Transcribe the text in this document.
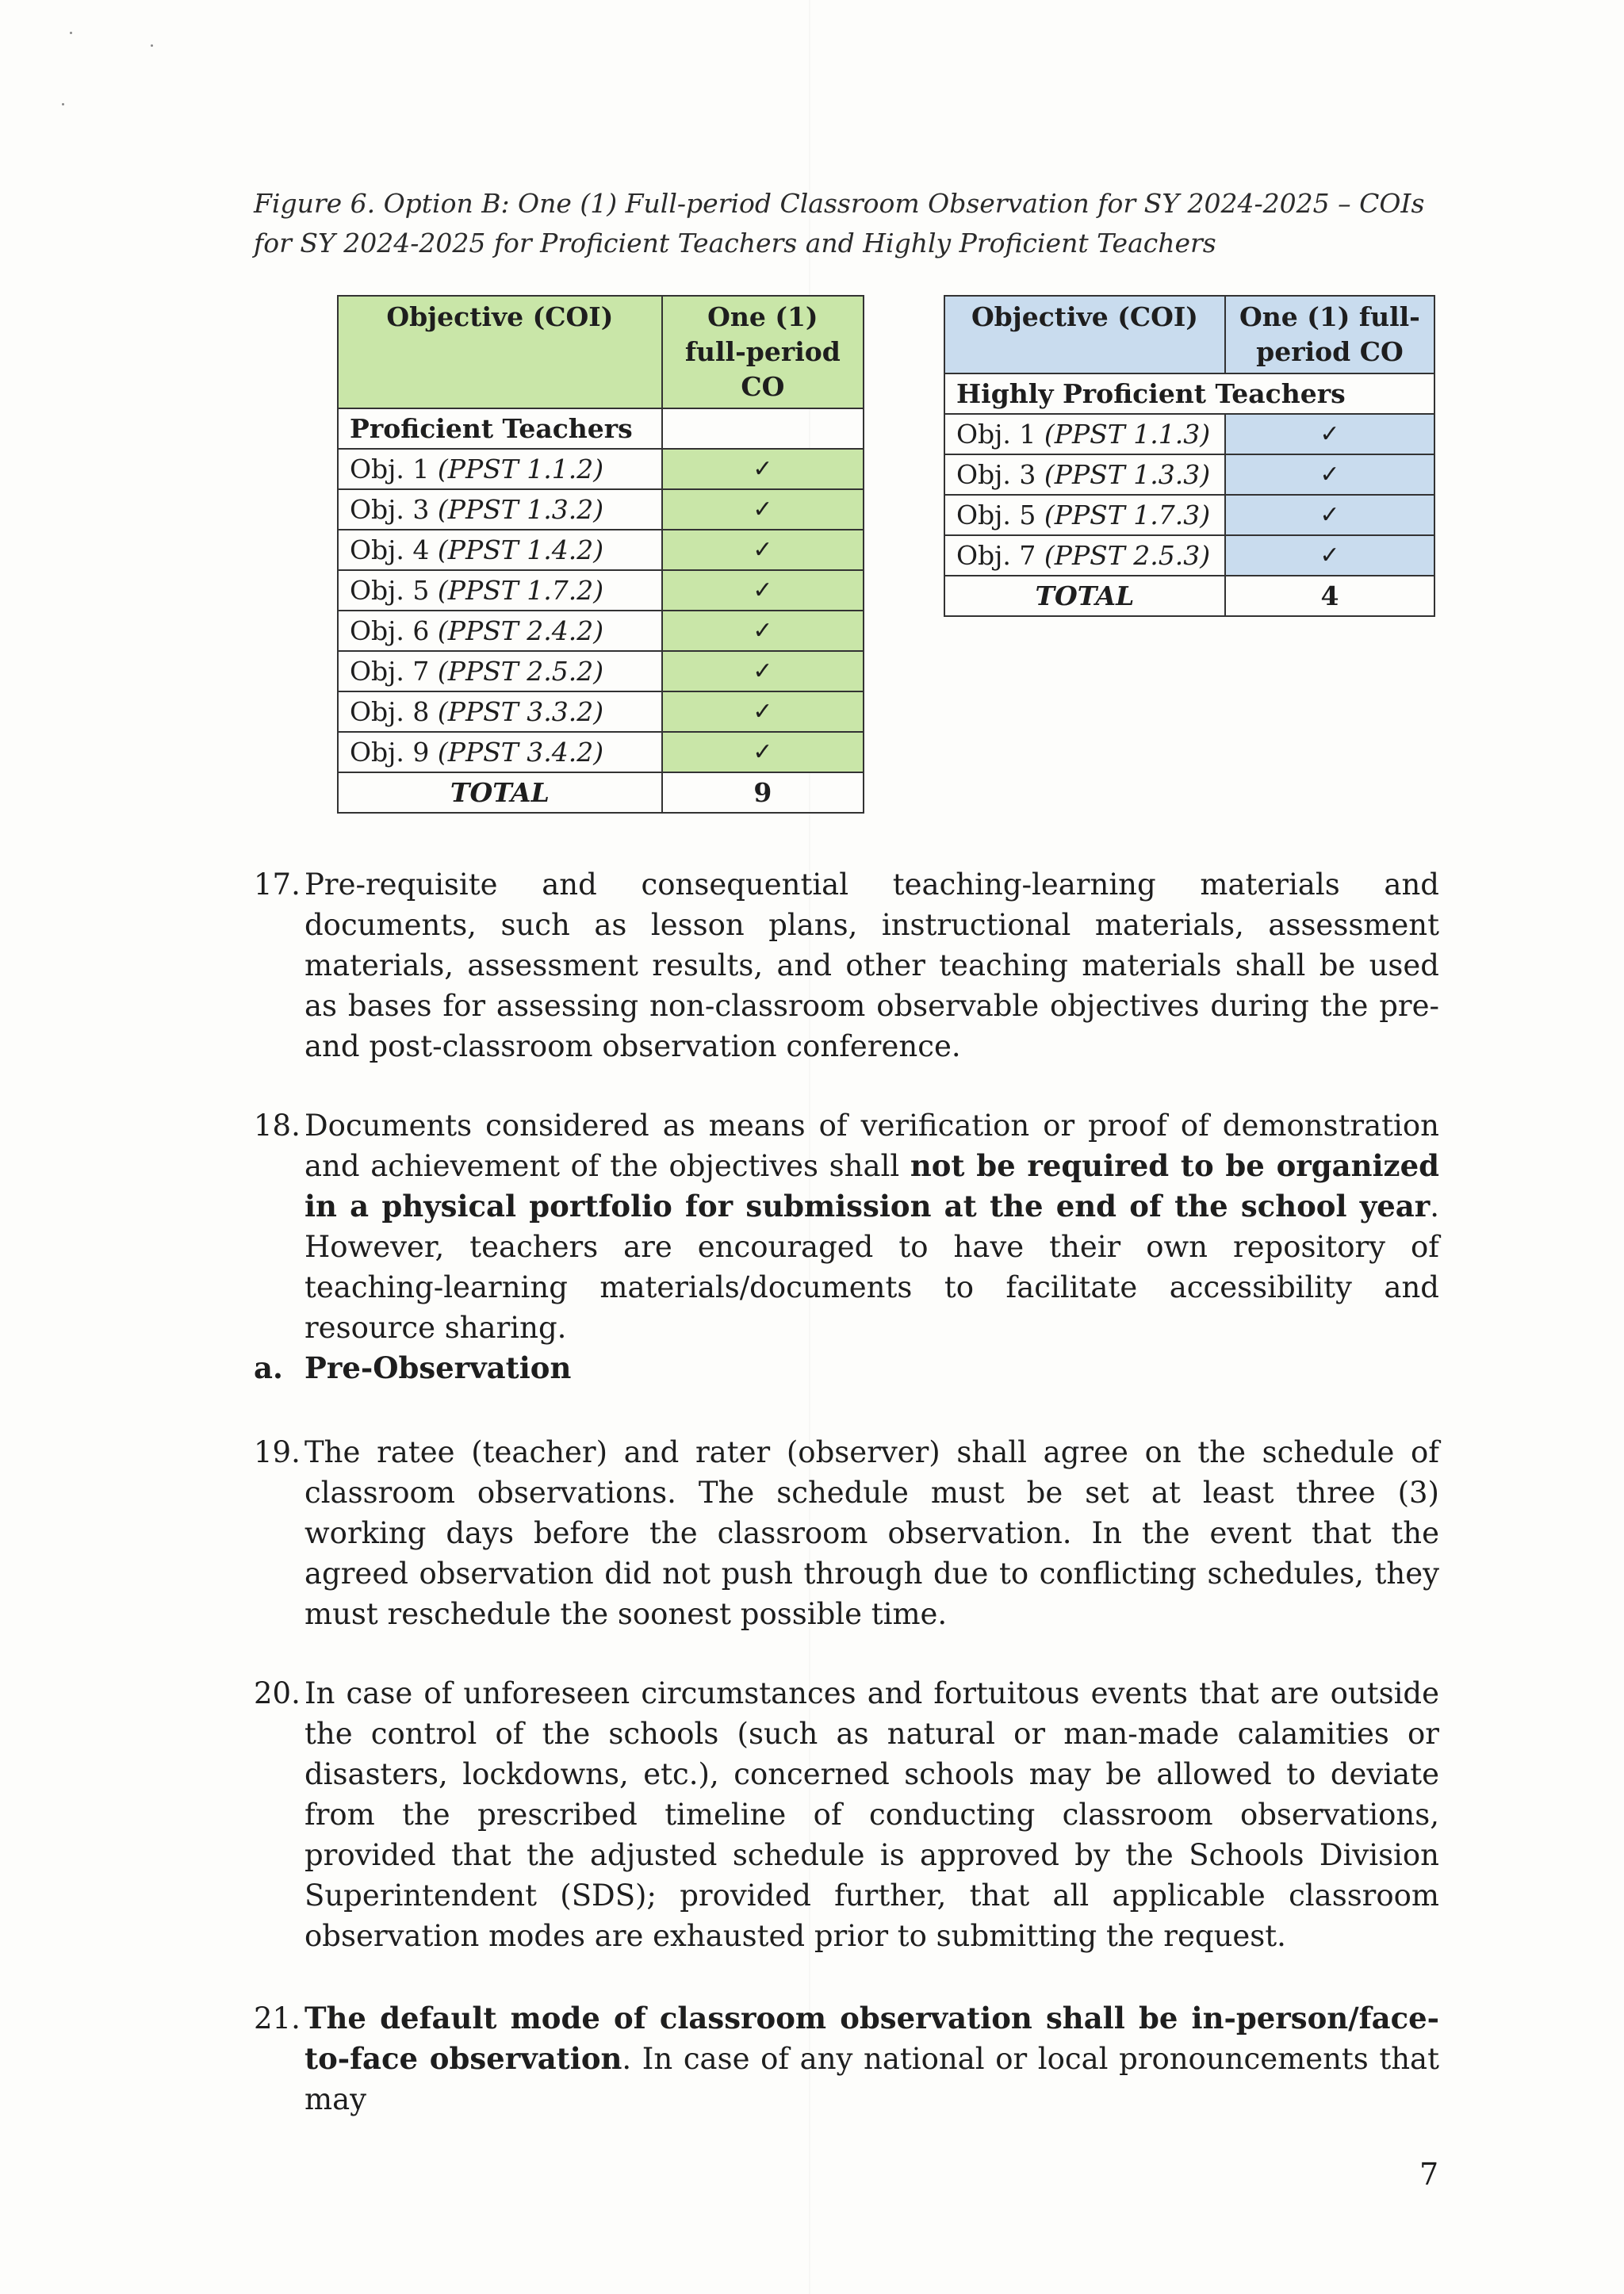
Figure 6. Option B: One (1) Full-period Classroom Observation for SY 2024-2025 – COIs
for SY 2024-2025 for Proficient Teachers and Highly Proficient Teachers
Objective (COI)	One (1) full-period CO
Proficient Teachers	
Obj. 1 (PPST 1.1.2)	✓
Obj. 3 (PPST 1.3.2)	✓
Obj. 4 (PPST 1.4.2)	✓
Obj. 5 (PPST 1.7.2)	✓
Obj. 6 (PPST 2.4.2)	✓
Obj. 7 (PPST 2.5.2)	✓
Obj. 8 (PPST 3.3.2)	✓
Obj. 9 (PPST 3.4.2)	✓
TOTAL	9
Objective (COI)	One (1) full-period CO
Highly Proficient Teachers	
Obj. 1 (PPST 1.1.3)	✓
Obj. 3 (PPST 1.3.3)	✓
Obj. 5 (PPST 1.7.3)	✓
Obj. 7 (PPST 2.5.3)	✓
TOTAL	4
17. Pre-requisite and consequential teaching-learning materials and documents, such as lesson plans, instructional materials, assessment materials, assessment results, and other teaching materials shall be used as bases for assessing non-classroom observable objectives during the pre- and post-classroom observation conference.
18. Documents considered as means of verification or proof of demonstration and achievement of the objectives shall not be required to be organized in a physical portfolio for submission at the end of the school year. However, teachers are encouraged to have their own repository of teaching-learning materials/documents to facilitate accessibility and resource sharing.
a. Pre-Observation
19. The ratee (teacher) and rater (observer) shall agree on the schedule of classroom observations. The schedule must be set at least three (3) working days before the classroom observation. In the event that the agreed observation did not push through due to conflicting schedules, they must reschedule the soonest possible time.
20. In case of unforeseen circumstances and fortuitous events that are outside the control of the schools (such as natural or man-made calamities or disasters, lockdowns, etc.), concerned schools may be allowed to deviate from the prescribed timeline of conducting classroom observations, provided that the adjusted schedule is approved by the Schools Division Superintendent (SDS); provided further, that all applicable classroom observation modes are exhausted prior to submitting the request.
21. The default mode of classroom observation shall be in-person/face-to-face observation. In case of any national or local pronouncements that may
7
